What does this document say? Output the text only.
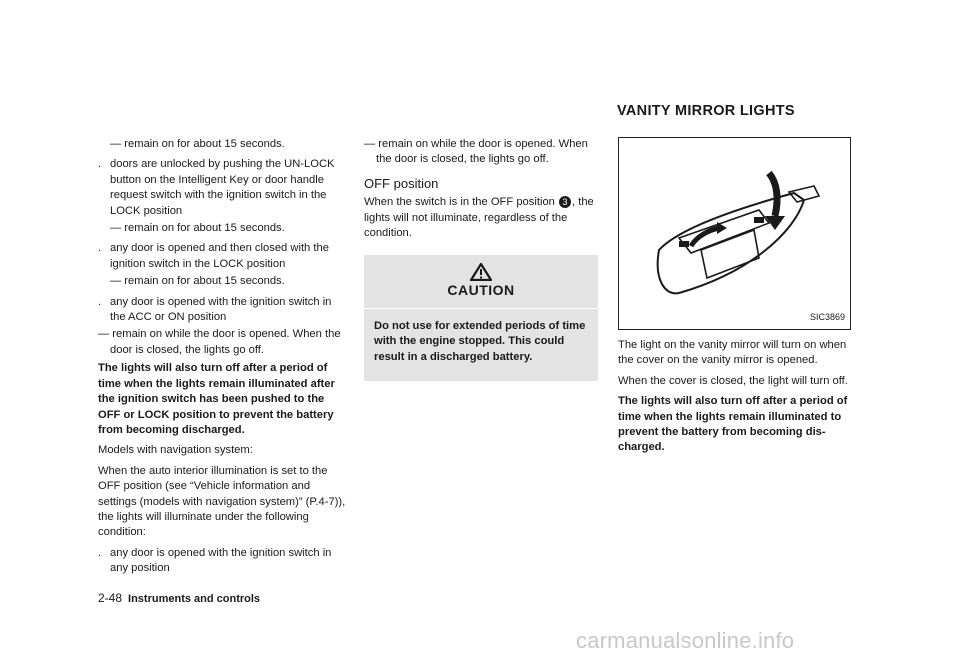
VANITY MIRROR LIGHTS

— remain on for about 15 seconds.

. doors are unlocked by pushing the UN-LOCK button on the Intelligent Key or door handle request switch with the ignition switch in the LOCK position

— remain on for about 15 seconds.

. any door is opened and then closed with the ignition switch in the LOCK position

— remain on for about 15 seconds.

. any door is opened with the ignition switch in the ACC or ON position

— remain on while the door is opened. When the door is closed, the lights go off.

The lights will also turn off after a period of time when the lights remain illuminated after the ignition switch has been pushed to the OFF or LOCK position to prevent the battery from becoming discharged.

Models with navigation system:

When the auto interior illumination is set to the OFF position (see “Vehicle information and settings (models with navigation system)” (P.4-7)), the lights will illuminate under the following condition:

. any door is opened with the ignition switch in any position

— remain on while the door is opened. When the door is closed, the lights go off.

OFF position

When the switch is in the OFF position 3 , the lights will not illuminate, regardless of the condition.

CAUTION
Do not use for extended periods of time with the engine stopped. This could result in a discharged battery.
SIC3869

The light on the vanity mirror will turn on when the cover on the vanity mirror is opened.

When the cover is closed, the light will turn off.

The lights will also turn off after a period of time when the lights remain illuminated to prevent the battery from becoming dis-charged.

2-48 Instruments and controls
carmanualsonline.info
